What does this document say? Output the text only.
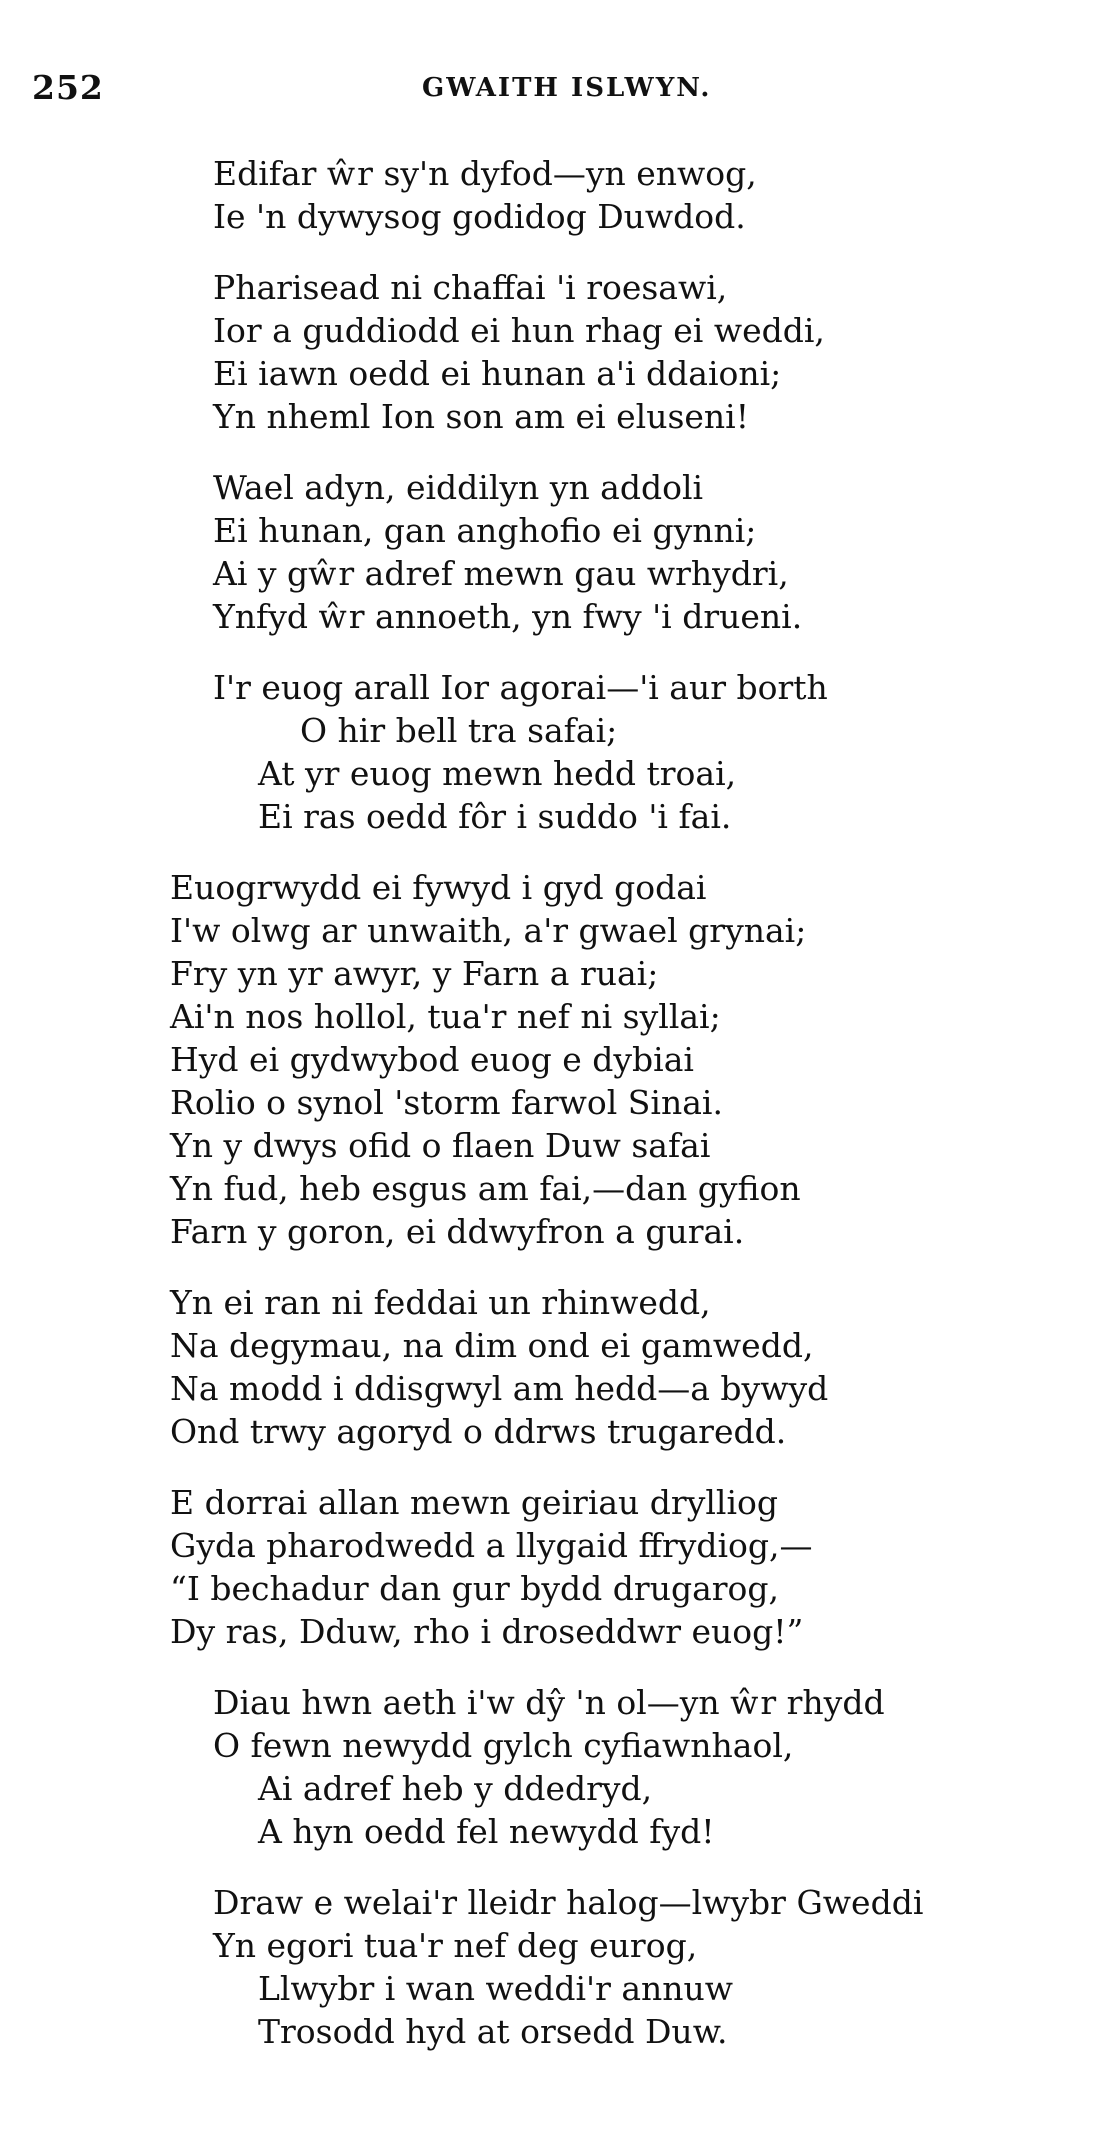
252	GWAITH ISLWYN.
Edifar ŵr sy'n dyfod—yn enwog,
Ie 'n dywysog godidog Duwdod.
Pharisead ni chaffai 'i roesawi,
Ior a guddiodd ei hun rhag ei weddi,
Ei iawn oedd ei hunan a'i ddaioni;
Yn nheml Ion son am ei eluseni!
Wael adyn, eiddilyn yn addoli
Ei hunan, gan anghofio ei gynni;
Ai y gŵr adref mewn gau wrhydri,
Ynfyd ŵr annoeth, yn fwy 'i drueni.
I'r euog arall Ior agorai—'i aur borth
O hir bell tra safai;
At yr euog mewn hedd troai,
Ei ras oedd fôr i suddo 'i fai.
Euogrwydd ei fywyd i gyd godai
I'w olwg ar unwaith, a'r gwael grynai;
Fry yn yr awyr, y Farn a ruai;
Ai'n nos hollol, tua'r nef ni syllai;
Hyd ei gydwybod euog e dybiai
Rolio o synol 'storm farwol Sinai.
Yn y dwys ofid o flaen Duw safai
Yn fud, heb esgus am fai,—dan gyfion
Farn y goron, ei ddwyfron a gurai.
Yn ei ran ni feddai un rhinwedd,
Na degymau, na dim ond ei gamwedd,
Na modd i ddisgwyl am hedd—a bywyd
Ond trwy agoryd o ddrws trugaredd.
E dorrai allan mewn geiriau drylliog
Gyda pharodwedd a llygaid ffrydiog,—
“I bechadur dan gur bydd drugarog,
Dy ras, Dduw, rho i droseddwr euog!”
Diau hwn aeth i'w dŷ 'n ol—yn ŵr rhydd
O fewn newydd gylch cyfiawnhaol,
Ai adref heb y ddedryd,
A hyn oedd fel newydd fyd!
Draw e welai'r lleidr halog—lwybr Gweddi
Yn egori tua'r nef deg eurog,
Llwybr i wan weddi'r annuw
Trosodd hyd at orsedd Duw.
